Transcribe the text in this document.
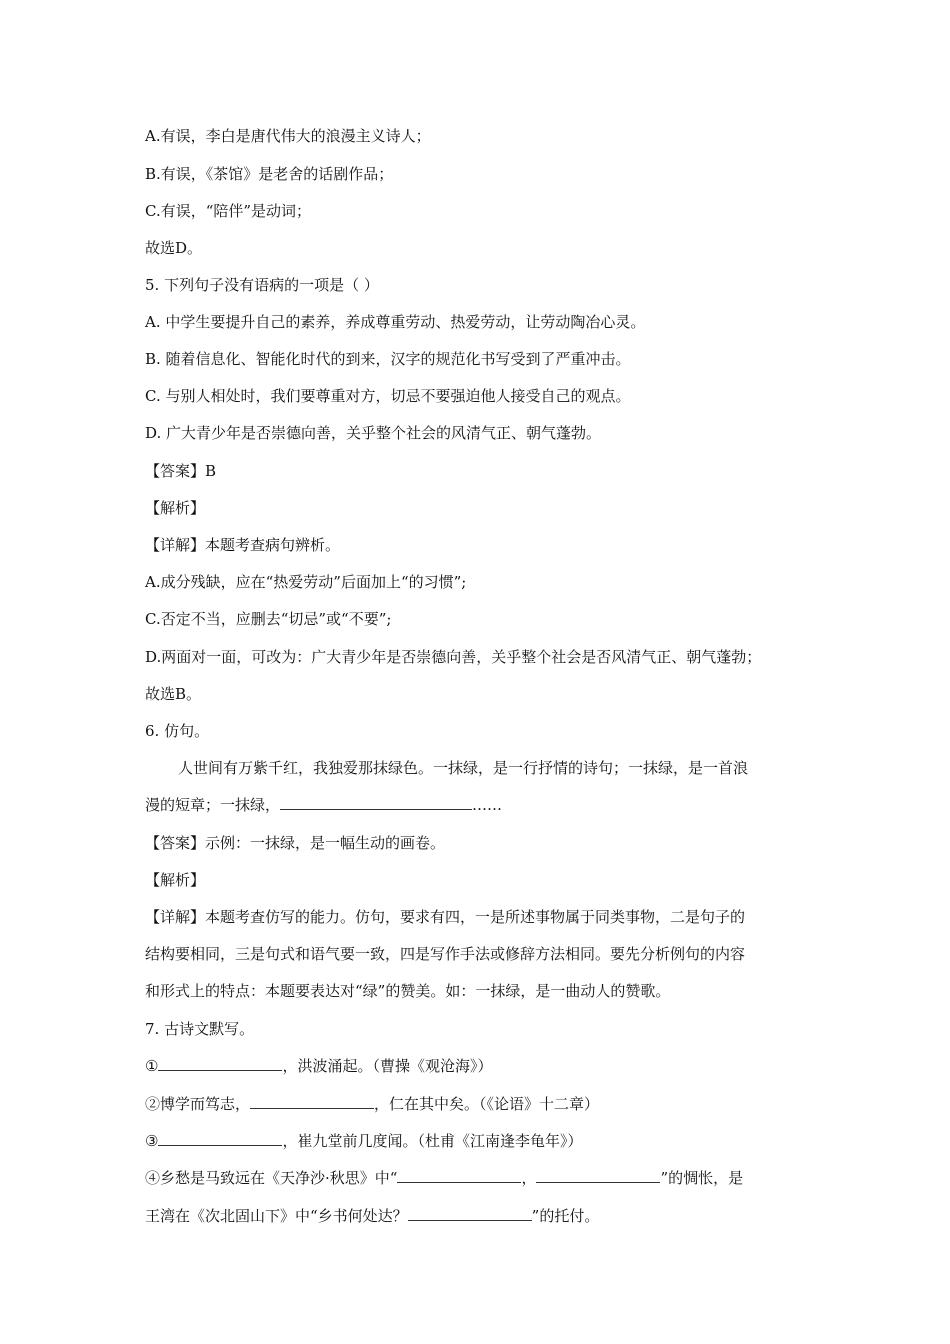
A.有误，李白是唐代伟大的浪漫主义诗人；
B.有误，《茶馆》是老舍的话剧作品；
C.有误，“陪伴”是动词；
故选D。
5. 下列句子没有语病的一项是（ ）
A. 中学生要提升自己的素养，养成尊重劳动、热爱劳动，让劳动陶冶心灵。
B. 随着信息化、智能化时代的到来，汉字的规范化书写受到了严重冲击。
C. 与别人相处时，我们要尊重对方，切忌不要强迫他人接受自己的观点。
D. 广大青少年是否崇德向善，关乎整个社会的风清气正、朝气蓬勃。
【答案】B
【解析】
【详解】本题考查病句辨析。
A.成分残缺，应在“热爱劳动”后面加上“的习惯”;
C.否定不当，应删去“切忌”或“不要”;
D.两面对一面，可改为：广大青少年是否崇德向善，关乎整个社会是否风清气正、朝气蓬勃；
故选B。
6. 仿句。
人世间有万紫千红，我独爱那抹绿色。一抹绿，是一行抒情的诗句；一抹绿，是一首浪
漫的短章；一抹绿，	……
【答案】示例：一抹绿，是一幅生动的画卷。
【解析】
【详解】本题考查仿写的能力。仿句，要求有四，一是所述事物属于同类事物，二是句子的
结构要相同，三是句式和语气要一致，四是写作手法或修辞方法相同。要先分析例句的内容
和形式上的特点：本题要表达对“绿”的赞美。如：一抹绿，是一曲动人的赞歌。
7. 古诗文默写。
①	，洪波涌起。（曹操《观沧海》）
②博学而笃志，	，仁在其中矣。（《论语》十二章）
③	，崔九堂前几度闻。（杜甫《江南逢李龟年》）
④乡愁是马致远在《天净沙·秋思》中“	，	”的惆怅，是
王湾在《次北固山下》中“乡书何处达？	”的托付。
